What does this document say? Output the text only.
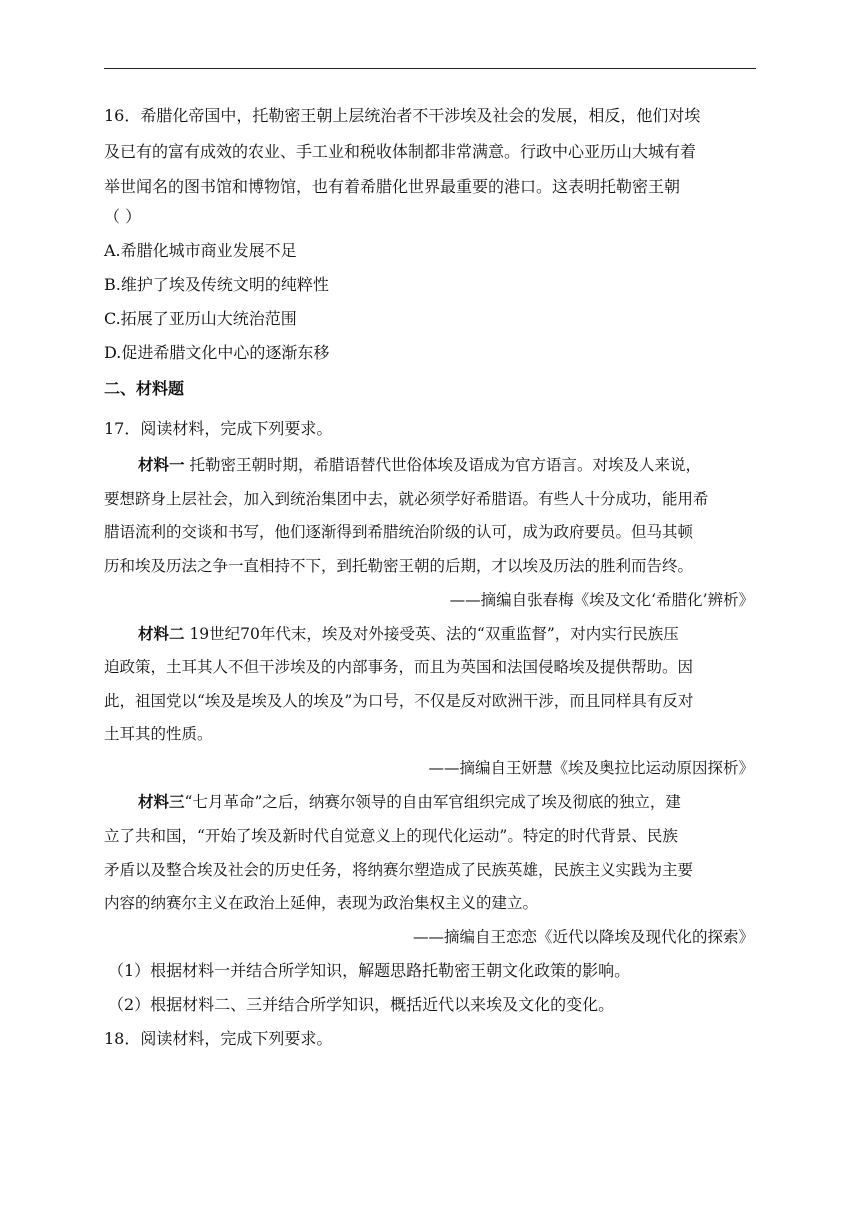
16．希腊化帝国中，托勒密王朝上层统治者不干涉埃及社会的发展，相反，他们对埃
及已有的富有成效的农业、手工业和税收体制都非常满意。行政中心亚历山大城有着
举世闻名的图书馆和博物馆，也有着希腊化世界最重要的港口。这表明托勒密王朝
（ ）
A.希腊化城市商业发展不足
B.维护了埃及传统文明的纯粹性
C.拓展了亚历山大统治范围
D.促进希腊文化中心的逐渐东移
二、材料题
17．阅读材料，完成下列要求。
材料一 托勒密王朝时期，希腊语替代世俗体埃及语成为官方语言。对埃及人来说，
要想跻身上层社会，加入到统治集团中去，就必须学好希腊语。有些人十分成功，能用希
腊语流利的交谈和书写，他们逐渐得到希腊统治阶级的认可，成为政府要员。但马其顿
历和埃及历法之争一直相持不下，到托勒密王朝的后期，才以埃及历法的胜利而告终。
——摘编自张春梅《埃及文化‘希腊化’辨析》
材料二 19世纪70年代末，埃及对外接受英、法的“双重监督”，对内实行民族压
迫政策，土耳其人不但干涉埃及的内部事务，而且为英国和法国侵略埃及提供帮助。因
此，祖国党以“埃及是埃及人的埃及”为口号，不仅是反对欧洲干涉，而且同样具有反对
土耳其的性质。
——摘编自王妍慧《埃及奥拉比运动原因探析》
材料三“七月革命”之后，纳赛尔领导的自由军官组织完成了埃及彻底的独立，建
立了共和国，“开始了埃及新时代自觉意义上的现代化运动”。特定的时代背景、民族
矛盾以及整合埃及社会的历史任务，将纳赛尔塑造成了民族英雄，民族主义实践为主要
内容的纳赛尔主义在政治上延伸，表现为政治集权主义的建立。
——摘编自王恋恋《近代以降埃及现代化的探索》
（1）根据材料一并结合所学知识，解题思路托勒密王朝文化政策的影响。
（2）根据材料二、三并结合所学知识，概括近代以来埃及文化的变化。
18．阅读材料，完成下列要求。
